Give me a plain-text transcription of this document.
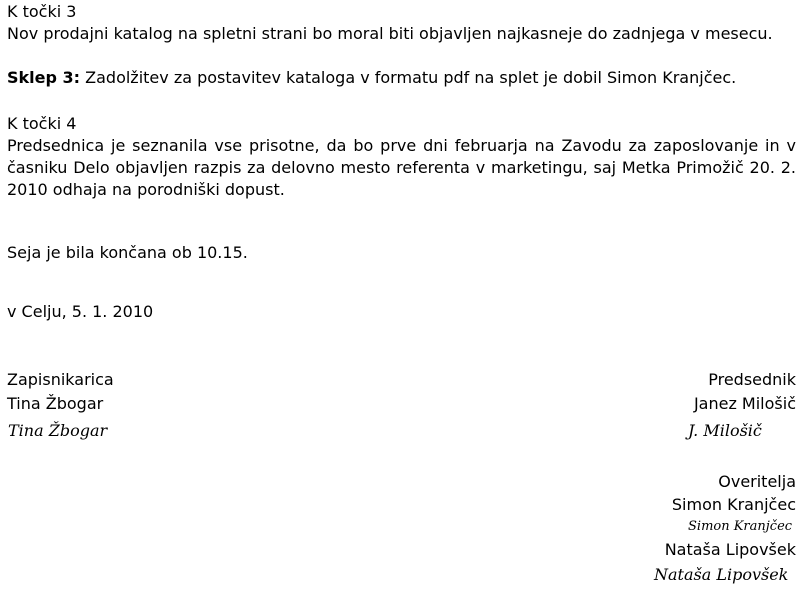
K točki 3
Nov prodajni katalog na spletni strani bo moral biti objavljen najkasneje do zadnjega v mesecu.
Sklep 3: Zadolžitev za postavitev kataloga v formatu pdf na splet je dobil Simon Kranjčec.
K točki 4
Predsednica je seznanila vse prisotne, da bo prve dni februarja na Zavodu za zaposlovanje in v časniku Delo objavljen razpis za delovno mesto referenta v marketingu, saj Metka Primožič 20. 2. 2010 odhaja na porodniški dopust.
Seja je bila končana ob 10.15.
v Celju, 5. 1. 2010
Zapisnikarica
Tina Žbogar
Tina Žbogar
Predsednik
Janez Milošič
J. Milošič
Overitelja
Simon Kranjčec
Simon Kranjčec
Nataša Lipovšek
Nataša Lipovšek
